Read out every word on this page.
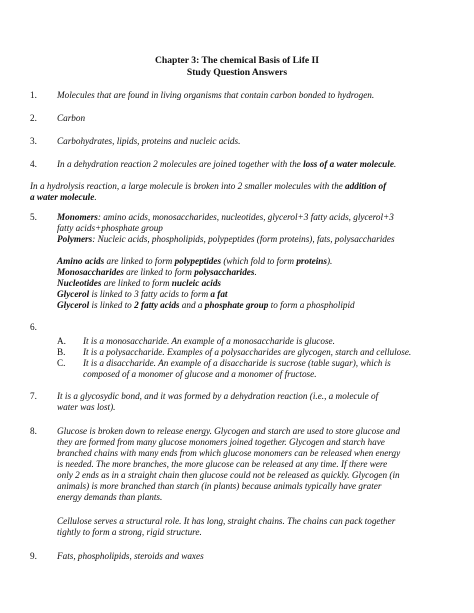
Chapter 3: The chemical Basis of Life II
Study Question Answers
1. Molecules that are found in living organisms that contain carbon bonded to hydrogen.
2. Carbon
3. Carbohydrates, lipids, proteins and nucleic acids.
4. In a dehydration reaction 2 molecules are joined together with the loss of a water molecule.
In a hydrolysis reaction, a large molecule is broken into 2 smaller molecules with the addition of
a water molecule.
5. Monomers: amino acids, monosaccharides, nucleotides, glycerol+3 fatty acids, glycerol+3
fatty acids+phosphate group
Polymers: Nucleic acids, phospholipids, polypeptides (form proteins), fats, polysaccharides
Amino acids are linked to form polypeptides (which fold to form proteins).
Monosaccharides are linked to form polysaccharides.
Nucleotides are linked to form nucleic acids
Glycerol is linked to 3 fatty acids to form a fat
Glycerol is linked to 2 fatty acids and a phosphate group to form a phospholipid
6.
A. It is a monosaccharide. An example of a monosaccharide is glucose.
B. It is a polysaccharide. Examples of a polysaccharides are glycogen, starch and cellulose.
C. It is a disaccharide. An example of a disaccharide is sucrose (table sugar), which is
composed of a monomer of glucose and a monomer of fructose.
7. It is a glycosydic bond, and it was formed by a dehydration reaction (i.e., a molecule of
water was lost).
8. Glucose is broken down to release energy. Glycogen and starch are used to store glucose and
they are formed from many glucose monomers joined together. Glycogen and starch have
branched chains with many ends from which glucose monomers can be released when energy
is needed. The more branches, the more glucose can be released at any time. If there were
only 2 ends as in a straight chain then glucose could not be released as quickly. Glycogen (in
animals) is more branched than starch (in plants) because animals typically have grater
energy demands than plants.
Cellulose serves a structural role. It has long, straight chains. The chains can pack together
tightly to form a strong, rigid structure.
9. Fats, phospholipids, steroids and waxes
